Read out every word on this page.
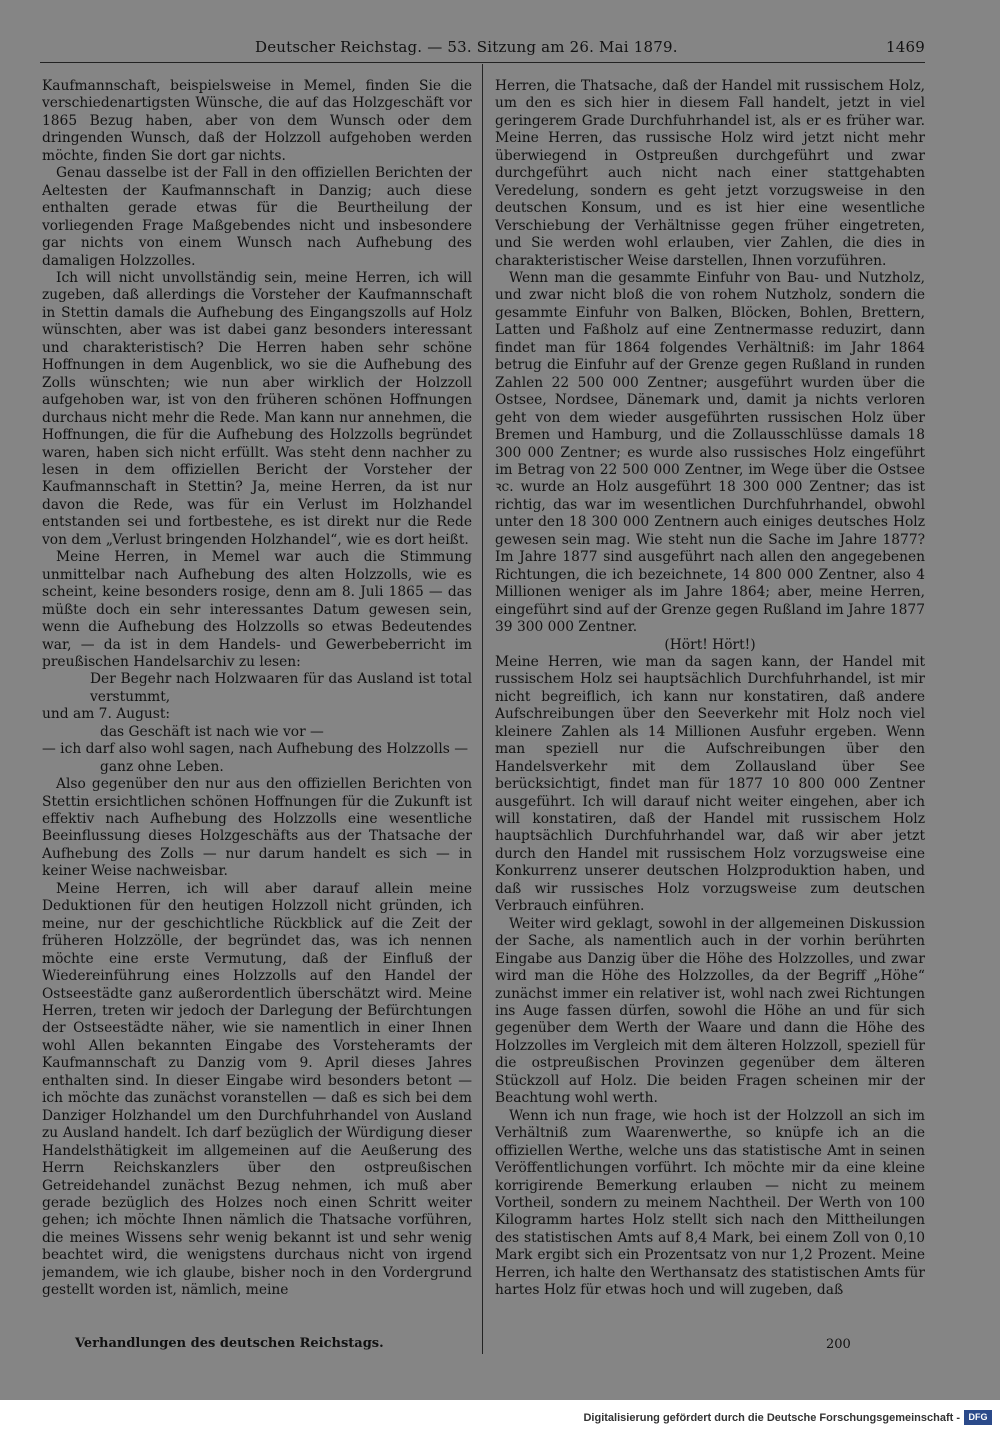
Deutscher Reichstag. — 53. Sitzung am 26. Mai 1879.	1469

Kaufmannschaft, beispielsweise in Memel, finden Sie die verschiedenartigsten Wünsche, die auf das Holzgeschäft vor 1865 Bezug haben, aber von dem Wunsch oder dem dringenden Wunsch, daß der Holzzoll aufgehoben werden möchte, finden Sie dort gar nichts.

Genau dasselbe ist der Fall in den offiziellen Berichten der Aeltesten der Kaufmannschaft in Danzig; auch diese enthalten gerade etwas für die Beurtheilung der vorliegenden Frage Maßgebendes nicht und insbesondere gar nichts von einem Wunsch nach Aufhebung des damaligen Holzzolles.

Ich will nicht unvollständig sein, meine Herren, ich will zugeben, daß allerdings die Vorsteher der Kaufmannschaft in Stettin damals die Aufhebung des Eingangszolls auf Holz wünschten, aber was ist dabei ganz besonders interessant und charakteristisch? Die Herren haben sehr schöne Hoffnungen in dem Augenblick, wo sie die Aufhebung des Zolls wünschten; wie nun aber wirklich der Holzzoll aufgehoben war, ist von den früheren schönen Hoffnungen durchaus nicht mehr die Rede. Man kann nur annehmen, die Hoffnungen, die für die Aufhebung des Holzzolls begründet waren, haben sich nicht erfüllt. Was steht denn nachher zu lesen in dem offiziellen Bericht der Vorsteher der Kaufmannschaft in Stettin? Ja, meine Herren, da ist nur davon die Rede, was für ein Verlust im Holzhandel entstanden sei und fortbestehe, es ist direkt nur die Rede von dem „Verlust bringenden Holzhandel“, wie es dort heißt.

Meine Herren, in Memel war auch die Stimmung unmittelbar nach Aufhebung des alten Holzzolls, wie es scheint, keine besonders rosige, denn am 8. Juli 1865 — das müßte doch ein sehr interessantes Datum gewesen sein, wenn die Aufhebung des Holzzolls so etwas Bedeutendes war, — da ist in dem Handels- und Gewerbeberricht im preußischen Handelsarchiv zu lesen:

Der Begehr nach Holzwaaren für das Ausland ist total verstummt,

und am 7. August:

das Geschäft ist nach wie vor —

— ich darf also wohl sagen, nach Aufhebung des Holzzolls —

ganz ohne Leben.

Also gegenüber den nur aus den offiziellen Berichten von Stettin ersichtlichen schönen Hoffnungen für die Zukunft ist effektiv nach Aufhebung des Holzzolls eine wesentliche Beeinflussung dieses Holzgeschäfts aus der Thatsache der Aufhebung des Zolls — nur darum handelt es sich — in keiner Weise nachweisbar.

Meine Herren, ich will aber darauf allein meine Deduktionen für den heutigen Holzzoll nicht gründen, ich meine, nur der geschichtliche Rückblick auf die Zeit der früheren Holzzölle, der begründet das, was ich nennen möchte eine erste Vermutung, daß der Einfluß der Wiedereinführung eines Holzzolls auf den Handel der Ostseestädte ganz außerordentlich überschätzt wird. Meine Herren, treten wir jedoch der Darlegung der Befürchtungen der Ostseestädte näher, wie sie namentlich in einer Ihnen wohl Allen bekannten Eingabe des Vorsteheramts der Kaufmannschaft zu Danzig vom 9. April dieses Jahres enthalten sind. In dieser Eingabe wird besonders betont — ich möchte das zunächst voranstellen — daß es sich bei dem Danziger Holzhandel um den Durchfuhrhandel von Ausland zu Ausland handelt. Ich darf bezüglich der Würdigung dieser Handelsthätigkeit im allgemeinen auf die Aeußerung des Herrn Reichskanzlers über den ostpreußischen Getreidehandel zunächst Bezug nehmen, ich muß aber gerade bezüglich des Holzes noch einen Schritt weiter gehen; ich möchte Ihnen nämlich die Thatsache vorführen, die meines Wissens sehr wenig bekannt ist und sehr wenig beachtet wird, die wenigstens durchaus nicht von irgend jemandem, wie ich glaube, bisher noch in den Vordergrund gestellt worden ist, nämlich, meine

Herren, die Thatsache, daß der Handel mit russischem Holz, um den es sich hier in diesem Fall handelt, jetzt in viel geringerem Grade Durchfuhrhandel ist, als er es früher war. Meine Herren, das russische Holz wird jetzt nicht mehr überwiegend in Ostpreußen durchgeführt und zwar durchgeführt auch nicht nach einer stattgehabten Veredelung, sondern es geht jetzt vorzugsweise in den deutschen Konsum, und es ist hier eine wesentliche Verschiebung der Verhältnisse gegen früher eingetreten, und Sie werden wohl erlauben, vier Zahlen, die dies in charakteristischer Weise darstellen, Ihnen vorzuführen.

Wenn man die gesammte Einfuhr von Bau- und Nutzholz, und zwar nicht bloß die von rohem Nutzholz, sondern die gesammte Einfuhr von Balken, Blöcken, Bohlen, Brettern, Latten und Faßholz auf eine Zentnermasse reduzirt, dann findet man für 1864 folgendes Verhältniß: im Jahr 1864 betrug die Einfuhr auf der Grenze gegen Rußland in runden Zahlen 22 500 000 Zentner; ausgeführt wurden über die Ostsee, Nordsee, Dänemark und, damit ja nichts verloren geht von dem wieder ausgeführten russischen Holz über Bremen und Hamburg, und die Zollausschlüsse damals 18 300 000 Zentner; es wurde also russisches Holz eingeführt im Betrag von 22 500 000 Zentner, im Wege über die Ostsee ꝛc. wurde an Holz ausgeführt 18 300 000 Zentner; das ist richtig, das war im wesentlichen Durchfuhrhandel, obwohl unter den 18 300 000 Zentnern auch einiges deutsches Holz gewesen sein mag. Wie steht nun die Sache im Jahre 1877? Im Jahre 1877 sind ausgeführt nach allen den angegebenen Richtungen, die ich bezeichnete, 14 800 000 Zentner, also 4 Millionen weniger als im Jahre 1864; aber, meine Herren, eingeführt sind auf der Grenze gegen Rußland im Jahre 1877 39 300 000 Zentner.

(Hört! Hört!)

Meine Herren, wie man da sagen kann, der Handel mit russischem Holz sei hauptsächlich Durchfuhrhandel, ist mir nicht begreiflich, ich kann nur konstatiren, daß andere Aufschreibungen über den Seeverkehr mit Holz noch viel kleinere Zahlen als 14 Millionen Ausfuhr ergeben. Wenn man speziell nur die Aufschreibungen über den Handelsverkehr mit dem Zollausland über See berücksichtigt, findet man für 1877 10 800 000 Zentner ausgeführt. Ich will darauf nicht weiter eingehen, aber ich will konstatiren, daß der Handel mit russischem Holz hauptsächlich Durchfuhrhandel war, daß wir aber jetzt durch den Handel mit russischem Holz vorzugsweise eine Konkurrenz unserer deutschen Holzproduktion haben, und daß wir russisches Holz vorzugsweise zum deutschen Verbrauch einführen.

Weiter wird geklagt, sowohl in der allgemeinen Diskussion der Sache, als namentlich auch in der vorhin berührten Eingabe aus Danzig über die Höhe des Holzzolles, und zwar wird man die Höhe des Holzzolles, da der Begriff „Höhe“ zunächst immer ein relativer ist, wohl nach zwei Richtungen ins Auge fassen dürfen, sowohl die Höhe an und für sich gegenüber dem Werth der Waare und dann die Höhe des Holzzolles im Vergleich mit dem älteren Holzzoll, speziell für die ostpreußischen Provinzen gegenüber dem älteren Stückzoll auf Holz. Die beiden Fragen scheinen mir der Beachtung wohl werth.

Wenn ich nun frage, wie hoch ist der Holzzoll an sich im Verhältniß zum Waarenwerthe, so knüpfe ich an die offiziellen Werthe, welche uns das statistische Amt in seinen Veröffentlichungen vorführt. Ich möchte mir da eine kleine korrigirende Bemerkung erlauben — nicht zu meinem Vortheil, sondern zu meinem Nachtheil. Der Werth von 100 Kilogramm hartes Holz stellt sich nach den Mittheilungen des statistischen Amts auf 8,4 Mark, bei einem Zoll von 0,10 Mark ergibt sich ein Prozentsatz von nur 1,2 Prozent. Meine Herren, ich halte den Werthansatz des statistischen Amts für hartes Holz für etwas hoch und will zugeben, daß

Verhandlungen des deutschen Reichstags.	200
Digitalisierung gefördert durch die Deutsche Forschungsgemeinschaft - DFG
